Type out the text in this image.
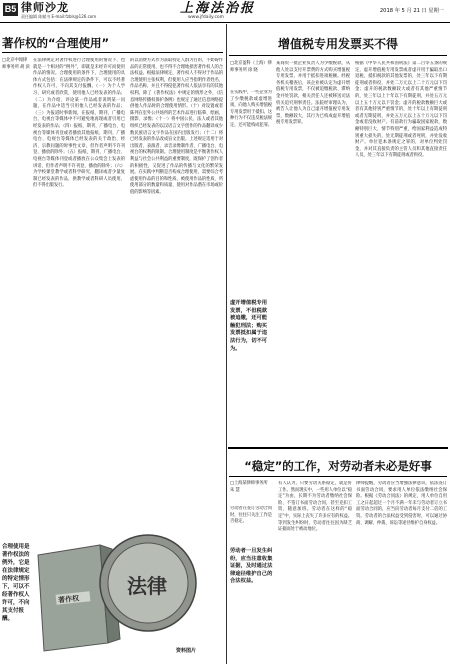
B5 律师沙龙
责任编辑 陈赋书 E-mail:fzbls@126.com
上海法治报
www.jfdaily.com
2018 年 5 月 21 日 星期一
著作权的“合理使用”
□北京中闻律师事务所 胡 滨
在法律规定对著作权进行合理使用的情况下，也就是一个相对的“例外”，即就是未经许可而使用作品的情况。合理使用的条件下，合理使用的具体方式包括：在法律规定的条件下，可以不经著作权人许可，不向其支付报酬。（一）为个人学习、研究或者欣赏，使用他人已经发表的作品；（二）为介绍、评论某一作品或者说明某一问题，在作品中适当引用他人已经发表的作品；（三）为报道时事新闻，在报纸、期刊、广播电台、电视台等媒体中不可避免地再现或者引用已经发表的作品；（四）报纸、期刊、广播电台、电视台等媒体刊登或者播放其他报纸、期刊、广播电台、电视台等媒体已经发表的关于政治、经济、宗教问题的时事性文章，但作者声明不许刊登、播放的除外；（五）报纸、期刊、广播电台、电视台等媒体刊登或者播放在公众集会上发表的讲话，但作者声明不许刊登、播放的除外；（六）为学校课堂教学或者科学研究，翻译或者少量复制已经发表的作品，供教学或者科研人员使用，但不得出版发行。
的以消费方式作为获取特定人群为目的，不妨碍作品的正常使用，也不得不合理地损害著作权人的合法权益。根据法律规定，著作权人不得对于作品的合理使用主张权利，但使用人应当指明作者姓名、作品名称，并且不得侵犯著作权人依法享有的其他权利。除了《著作权法》中规定的情形之外，《信息网络传播权保护条例》也规定了通过信息网络提供他人作品时的合理使用情形。（十）对设置或者陈列在室外公共场所的艺术作品进行临摹、绘画、摄影、录像；（十一）将中国公民、法人或者其他组织已经发表的以汉语言文字创作的作品翻译成少数民族语言文字作品在国内出版发行；（十二）将已经发表的作品改成盲文出版。上述规定适用于对出版者、表演者、录音录像制作者、广播电台、电视台的权利的限制。合理使用制度是平衡著作权人利益与社会公共利益的重要制度，既保护了创作者的积极性，又促进了作品的传播与文化的繁荣发展。在实践中判断是否构成合理使用，需要综合考虑使用作品的目的和性质、被使用作品的性质、所使用部分的数量和质量、使用对作品潜在市场或价值的影响等因素。
合理使用是著作权法的例外，它是在法律规定的特定情形下，可以不经著作权人许可，不向其支付报酬。
著作权
法律
资料图片
增值税专用发票买不得
□北京盈科（上海）律师事务所 徐 晓
在实践中，一些企业为了少缴税款或虚增进项，向他人购买增值税专用发票用于抵扣。这种行为不仅违反税法规定，还可能构成犯罪。
虚开增值税专用发票，不但税款被追缴，还可能触犯刑法；购买发票抵扣属于违法行为，切不可为。
某商贸一批企业负责人为少缴税款，从他人处以支付开票费的方式购买增值税专用发票，并用于抵扣进项税额。经税务机关稽查后，该企业被认定为虚开增值税专用发票，不仅被追缴税款、滞纳金并处罚款，相关责任人还被移送司法机关追究刑事责任。法院经审理认为，被告人让他人为自己虚开增值税专用发票，数额较大，其行为已构成虚开增值税专用发票罪。
根据《中华人民共和国刑法》第二百零五条的规定，虚开增值税专用发票或者虚开用于骗取出口退税、抵扣税款的其他发票的，处三年以下有期徒刑或者拘役，并处二万元以上二十万元以下罚金；虚开的税款数额较大或者有其他严重情节的，处三年以上十年以下有期徒刑，并处五万元以上五十万元以下罚金；虚开的税款数额巨大或者有其他特别严重情节的，处十年以上有期徒刑或者无期徒刑，并处五万元以上五十万元以下罚金或者没收财产。有前款行为骗取国家税款，数额特别巨大，情节特别严重，给国家利益造成特别重大损失的，处无期徒刑或者死刑，并处没收财产。单位犯本条规定之罪的，对单位判处罚金，并对其直接负责的主管人员和其他直接责任人员，处三年以下有期徒刑或者拘役。
“稳定”的工作，对劳动者未必是好事
□上海某律师事务所 朱 慧
劳动者在签订劳动合同时，往往只关注工作是否稳定。
劳动者一旦发生纠纷，应当注意收集证据，及时通过法律途径维护自己的合法权益。
有人认为，只要劳动关系稳定，就是好工作。然而现实中，一些用人单位以“稳定”为由，长期不为劳动者缴纳社会保险、不签订书面劳动合同，甚至克扣工资、随意加班。劳动者在这样的“稳定”中，实际上丧失了许多应有的权益。等到发生纠纷时，劳动者往往因为缺乏证据而处于被动地位。
律师提醒，劳动者应当增强法律意识，依法签订书面劳动合同，要求用人单位依法缴纳社会保险。根据《劳动合同法》的规定，用人单位自用工之日起超过一个月不满一年未与劳动者订立书面劳动合同的，应当向劳动者每月支付二倍的工资。劳动者的合法权益受到侵害时，可以通过协商、调解、仲裁、诉讼等途径维护自身权益。
